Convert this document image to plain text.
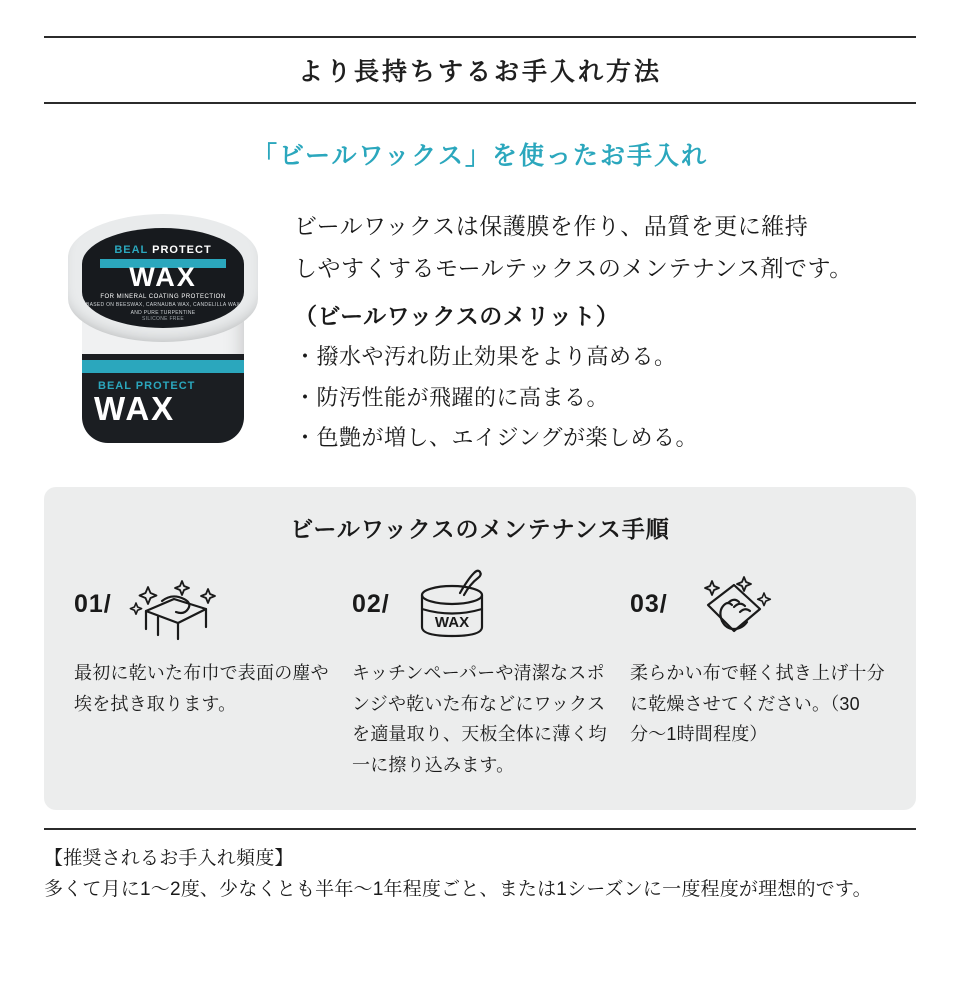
より長持ちするお手入れ方法
「ビールワックス」を使ったお手入れ
BEAL PROTECT
WAX
BEAL PROTECT
WAX
FOR MINERAL COATING PROTECTION
BASED ON BEESWAX, CARNAUBA WAX, CANDELILLA WAX AND PURE TURPENTINE
SILICONE FREE

ビールワックスは保護膜を作り、品質を更に維持

しやすくするモールテックスのメンテナンス剤です。

（ビールワックスのメリット）
・撥水や汚れ防止効果をより高める。
・防汚性能が飛躍的に高まる。
・色艶が増し、エイジングが楽しめる。
ビールワックスのメンテナンス手順
01/
最初に乾いた布巾で表面の塵や埃を拭き取ります。
02/
WAX
キッチンペーパーや清潔なスポンジや乾いた布などにワックスを適量取り、天板全体に薄く均一に擦り込みます。
03/
柔らかい布で軽く拭き上げ十分に乾燥させてください。（30分〜1時間程度）
【推奨されるお手入れ頻度】
多くて月に1〜2度、少なくとも半年〜1年程度ごと、または1シーズンに一度程度が理想的です。
